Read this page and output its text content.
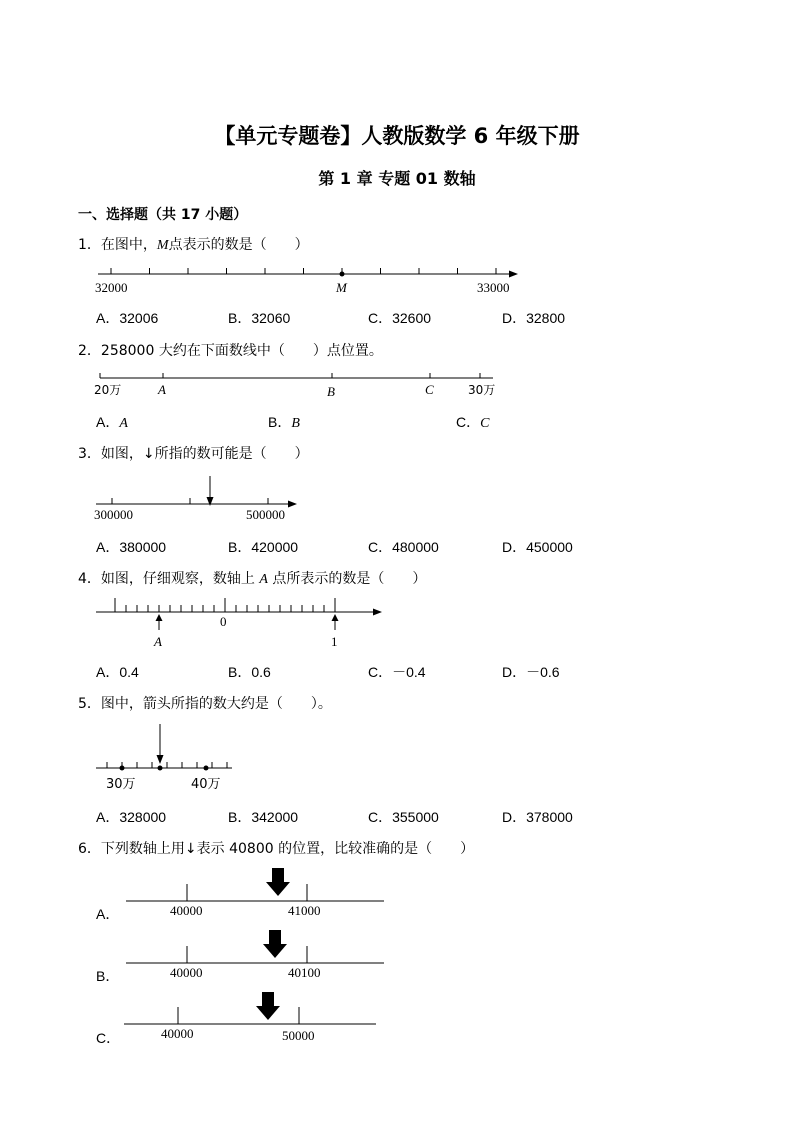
【单元专题卷】人教版数学 6 年级下册
第 1 章 专题 01 数轴
一、选择题（共 17 小题）
1．在图中，M点表示的数是（　　）
32000	M	33000
A．32006	B．32060	C．32600	D．32800
2．258000 大约在下面数线中（　　）点位置。
20万	A	B	C	30万
A．A	B．B	C．C
3．如图，↓所指的数可能是（　　）
300000	500000
A．380000	B．420000	C．480000	D．450000
4．如图，仔细观察，数轴上 A 点所表示的数是（　　）
0
A	1
A．0.4	B．0.6	C．－0.4	D．－0.6
5．图中，箭头所指的数大约是（　　）。
30万	40万
A．328000	B．342000	C．355000	D．378000
6．下列数轴上用↓表示 40800 的位置，比较准确的是（　　）
A．	40000	41000
B．	40000	40100
C．	40000	50000
